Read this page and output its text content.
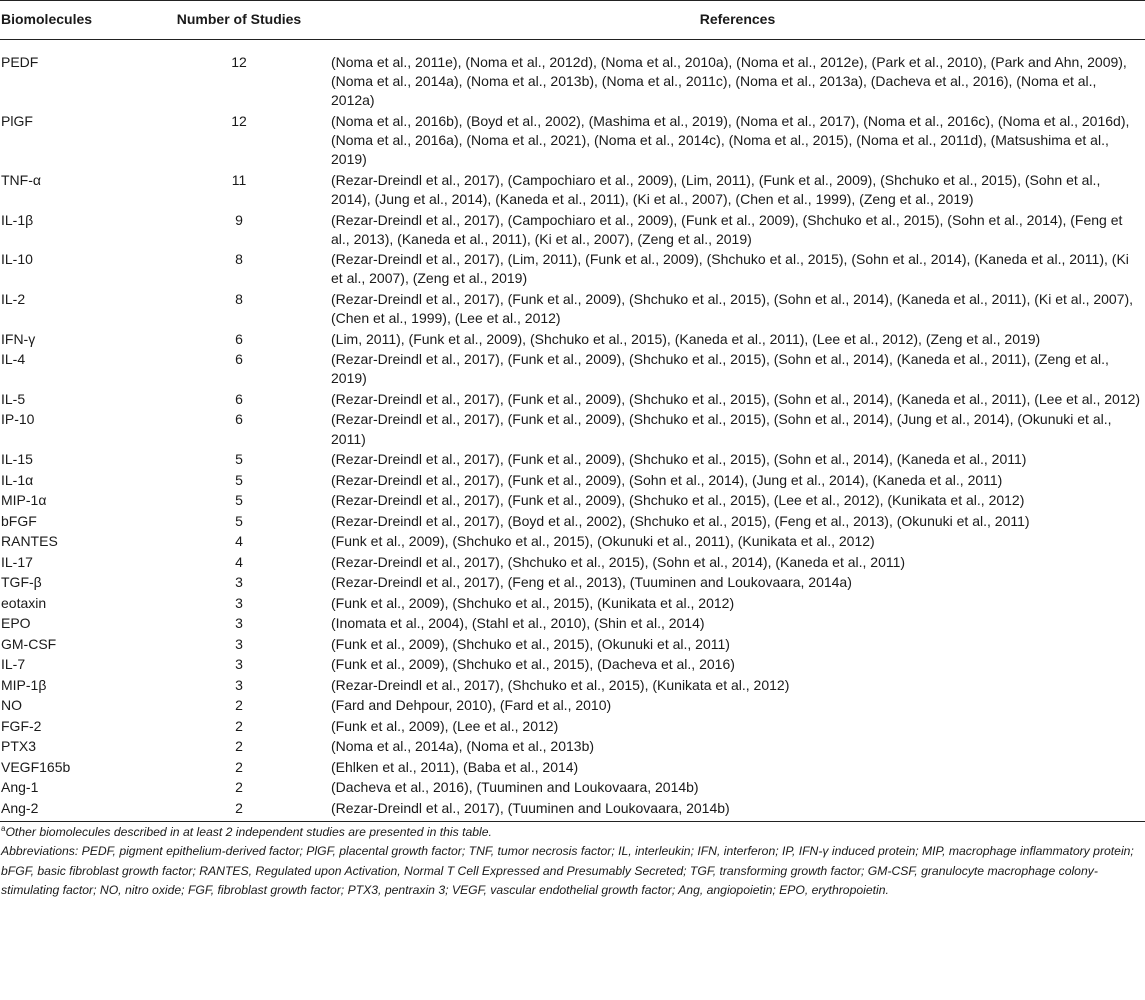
Biomolecules	Number of Studies	References
PEDF	12	(Noma et al., 2011e), (Noma et al., 2012d), (Noma et al., 2010a), (Noma et al., 2012e), (Park et al., 2010), (Park and Ahn, 2009), (Noma et al., 2014a), (Noma et al., 2013b), (Noma et al., 2011c), (Noma et al., 2013a), (Dacheva et al., 2016), (Noma et al., 2012a)
PlGF	12	(Noma et al., 2016b), (Boyd et al., 2002), (Mashima et al., 2019), (Noma et al., 2017), (Noma et al., 2016c), (Noma et al., 2016d), (Noma et al., 2016a), (Noma et al., 2021), (Noma et al., 2014c), (Noma et al., 2015), (Noma et al., 2011d), (Matsushima et al., 2019)
TNF-α	11	(Rezar-Dreindl et al., 2017), (Campochiaro et al., 2009), (Lim, 2011), (Funk et al., 2009), (Shchuko et al., 2015), (Sohn et al., 2014), (Jung et al., 2014), (Kaneda et al., 2011), (Ki et al., 2007), (Chen et al., 1999), (Zeng et al., 2019)
IL-1β	9	(Rezar-Dreindl et al., 2017), (Campochiaro et al., 2009), (Funk et al., 2009), (Shchuko et al., 2015), (Sohn et al., 2014), (Feng et al., 2013), (Kaneda et al., 2011), (Ki et al., 2007), (Zeng et al., 2019)
IL-10	8	(Rezar-Dreindl et al., 2017), (Lim, 2011), (Funk et al., 2009), (Shchuko et al., 2015), (Sohn et al., 2014), (Kaneda et al., 2011), (Ki et al., 2007), (Zeng et al., 2019)
IL-2	8	(Rezar-Dreindl et al., 2017), (Funk et al., 2009), (Shchuko et al., 2015), (Sohn et al., 2014), (Kaneda et al., 2011), (Ki et al., 2007), (Chen et al., 1999), (Lee et al., 2012)
IFN-γ	6	(Lim, 2011), (Funk et al., 2009), (Shchuko et al., 2015), (Kaneda et al., 2011), (Lee et al., 2012), (Zeng et al., 2019)
IL-4	6	(Rezar-Dreindl et al., 2017), (Funk et al., 2009), (Shchuko et al., 2015), (Sohn et al., 2014), (Kaneda et al., 2011), (Zeng et al., 2019)
IL-5	6	(Rezar-Dreindl et al., 2017), (Funk et al., 2009), (Shchuko et al., 2015), (Sohn et al., 2014), (Kaneda et al., 2011), (Lee et al., 2012)
IP-10	6	(Rezar-Dreindl et al., 2017), (Funk et al., 2009), (Shchuko et al., 2015), (Sohn et al., 2014), (Jung et al., 2014), (Okunuki et al., 2011)
IL-15	5	(Rezar-Dreindl et al., 2017), (Funk et al., 2009), (Shchuko et al., 2015), (Sohn et al., 2014), (Kaneda et al., 2011)
IL-1α	5	(Rezar-Dreindl et al., 2017), (Funk et al., 2009), (Sohn et al., 2014), (Jung et al., 2014), (Kaneda et al., 2011)
MIP-1α	5	(Rezar-Dreindl et al., 2017), (Funk et al., 2009), (Shchuko et al., 2015), (Lee et al., 2012), (Kunikata et al., 2012)
bFGF	5	(Rezar-Dreindl et al., 2017), (Boyd et al., 2002), (Shchuko et al., 2015), (Feng et al., 2013), (Okunuki et al., 2011)
RANTES	4	(Funk et al., 2009), (Shchuko et al., 2015), (Okunuki et al., 2011), (Kunikata et al., 2012)
IL-17	4	(Rezar-Dreindl et al., 2017), (Shchuko et al., 2015), (Sohn et al., 2014), (Kaneda et al., 2011)
TGF-β	3	(Rezar-Dreindl et al., 2017), (Feng et al., 2013), (Tuuminen and Loukovaara, 2014a)
eotaxin	3	(Funk et al., 2009), (Shchuko et al., 2015), (Kunikata et al., 2012)
EPO	3	(Inomata et al., 2004), (Stahl et al., 2010), (Shin et al., 2014)
GM-CSF	3	(Funk et al., 2009), (Shchuko et al., 2015), (Okunuki et al., 2011)
IL-7	3	(Funk et al., 2009), (Shchuko et al., 2015), (Dacheva et al., 2016)
MIP-1β	3	(Rezar-Dreindl et al., 2017), (Shchuko et al., 2015), (Kunikata et al., 2012)
NO	2	(Fard and Dehpour, 2010), (Fard et al., 2010)
FGF-2	2	(Funk et al., 2009), (Lee et al., 2012)
PTX3	2	(Noma et al., 2014a), (Noma et al., 2013b)
VEGF165b	2	(Ehlken et al., 2011), (Baba et al., 2014)
Ang-1	2	(Dacheva et al., 2016), (Tuuminen and Loukovaara, 2014b)
Ang-2	2	(Rezar-Dreindl et al., 2017), (Tuuminen and Loukovaara, 2014b)

$^a$Other biomolecules described in at least 2 independent studies are presented in this table.
Abbreviations: PEDF, pigment epithelium-derived factor; PlGF, placental growth factor; TNF, tumor necrosis factor; IL, interleukin; IFN, interferon; IP, IFN-γ induced protein; MIP, macrophage inflammatory protein; bFGF, basic fibroblast growth factor; RANTES, Regulated upon Activation, Normal T Cell Expressed and Presumably Secreted; TGF, transforming growth factor; GM-CSF, granulocyte macrophage colony-stimulating factor; NO, nitro oxide; FGF, fibroblast growth factor; PTX3, pentraxin 3; VEGF, vascular endothelial growth factor; Ang, angiopoietin; EPO, erythropoietin.		
